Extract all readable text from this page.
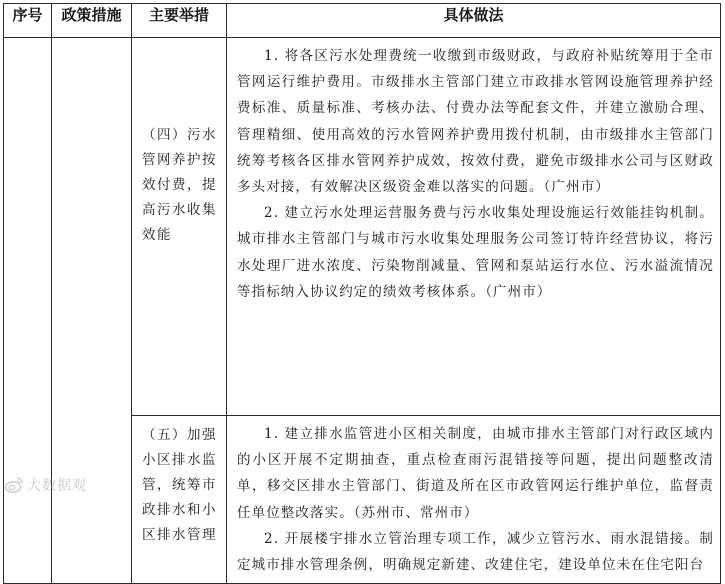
序号	政策措施	主要举措	具体做法
		（四）污水管网养护按效付费，提高污水收集效能	1. 将各区污水处理费统一收缴到市级财政，与政府补贴统筹用于全市管网运行维护费用。市级排水主管部门建立市政排水管网设施管理养护经费标准、质量标准、考核办法、付费办法等配套文件，并建立激励合理、管理精细、使用高效的污水管网养护费用拨付机制，由市级排水主管部门统筹考核各区排水管网养护成效，按效付费，避免市级排水公司与区财政多头对接，有效解决区级资金难以落实的问题。（广州市）

2. 建立污水处理运营服务费与污水收集处理设施运行效能挂钩机制。城市排水主管部门与城市污水收集处理服务公司签订特许经营协议，将污水处理厂进水浓度、污染物削减量、管网和泵站运行水位、污水溢流情况等指标纳入协议约定的绩效考核体系。（广州市）

		（五）加强小区排水监管，统筹市政排水和小区排水管理	1. 建立排水监管进小区相关制度，由城市排水主管部门对行政区域内的小区开展不定期抽查，重点检查雨污混错接等问题，提出问题整改清单，移交区排水主管部门、街道及所在区市政管网运行维护单位，监督责任单位整改落实。（苏州市、常州市）

2. 开展楼宇排水立管治理专项工作，减少立管污水、雨水混错接。制定城市排水管理条例，明确规定新建、改建住宅，建设单位未在住宅阳台

大数据观
